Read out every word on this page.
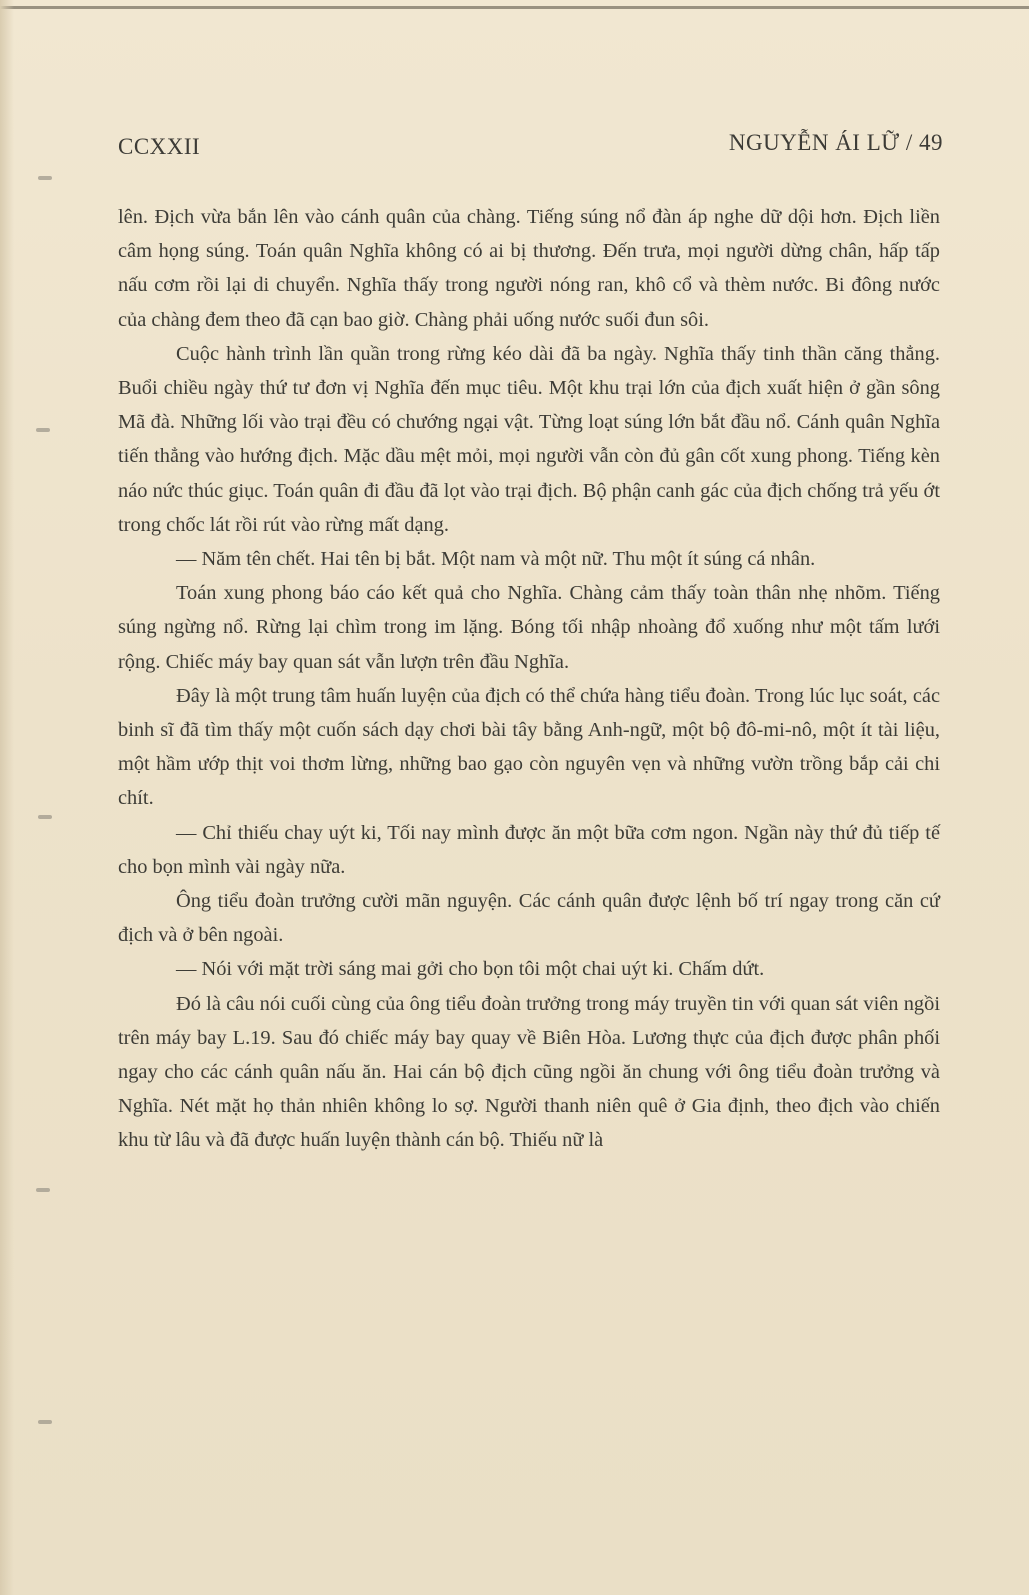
CCXXII	NGUYỄN ÁI LỮ / 49

lên. Địch vừa bắn lên vào cánh quân của chàng. Tiếng súng nổ đàn áp nghe dữ dội hơn. Địch liền câm họng súng. Toán quân Nghĩa không có ai bị thương. Đến trưa, mọi người dừng chân, hấp tấp nấu cơm rồi lại di chuyển. Nghĩa thấy trong người nóng ran, khô cổ và thèm nước. Bi đông nước của chàng đem theo đã cạn bao giờ. Chàng phải uống nước suối đun sôi.

Cuộc hành trình lần quần trong rừng kéo dài đã ba ngày. Nghĩa thấy tinh thần căng thẳng. Buổi chiều ngày thứ tư đơn vị Nghĩa đến mục tiêu. Một khu trại lớn của địch xuất hiện ở gần sông Mã đà. Những lối vào trại đều có chướng ngại vật. Từng loạt súng lớn bắt đầu nổ. Cánh quân Nghĩa tiến thẳng vào hướng địch. Mặc dầu mệt mỏi, mọi người vẫn còn đủ gân cốt xung phong. Tiếng kèn náo nức thúc giục. Toán quân đi đầu đã lọt vào trại địch. Bộ phận canh gác của địch chống trả yếu ớt trong chốc lát rồi rút vào rừng mất dạng.

— Năm tên chết. Hai tên bị bắt. Một nam và một nữ. Thu một ít súng cá nhân.

Toán xung phong báo cáo kết quả cho Nghĩa. Chàng cảm thấy toàn thân nhẹ nhõm. Tiếng súng ngừng nổ. Rừng lại chìm trong im lặng. Bóng tối nhập nhoàng đổ xuống như một tấm lưới rộng. Chiếc máy bay quan sát vẫn lượn trên đầu Nghĩa.

Đây là một trung tâm huấn luyện của địch có thể chứa hàng tiểu đoàn. Trong lúc lục soát, các binh sĩ đã tìm thấy một cuốn sách dạy chơi bài tây bằng Anh-ngữ, một bộ đô-mi-nô, một ít tài liệu, một hầm ướp thịt voi thơm lừng, những bao gạo còn nguyên vẹn và những vườn trồng bắp cải chi chít.

— Chỉ thiếu chay uýt ki, Tối nay mình được ăn một bữa cơm ngon. Ngần này thứ đủ tiếp tế cho bọn mình vài ngày nữa.

Ông tiểu đoàn trưởng cười mãn nguyện. Các cánh quân được lệnh bố trí ngay trong căn cứ địch và ở bên ngoài.

— Nói với mặt trời sáng mai gởi cho bọn tôi một chai uýt ki. Chấm dứt.

Đó là câu nói cuối cùng của ông tiểu đoàn trưởng trong máy truyền tin với quan sát viên ngồi trên máy bay L.19. Sau đó chiếc máy bay quay về Biên Hòa. Lương thực của địch được phân phối ngay cho các cánh quân nấu ăn. Hai cán bộ địch cũng ngồi ăn chung với ông tiểu đoàn trưởng và Nghĩa. Nét mặt họ thản nhiên không lo sợ. Người thanh niên quê ở Gia định, theo địch vào chiến khu từ lâu và đã được huấn luyện thành cán bộ. Thiếu nữ là
